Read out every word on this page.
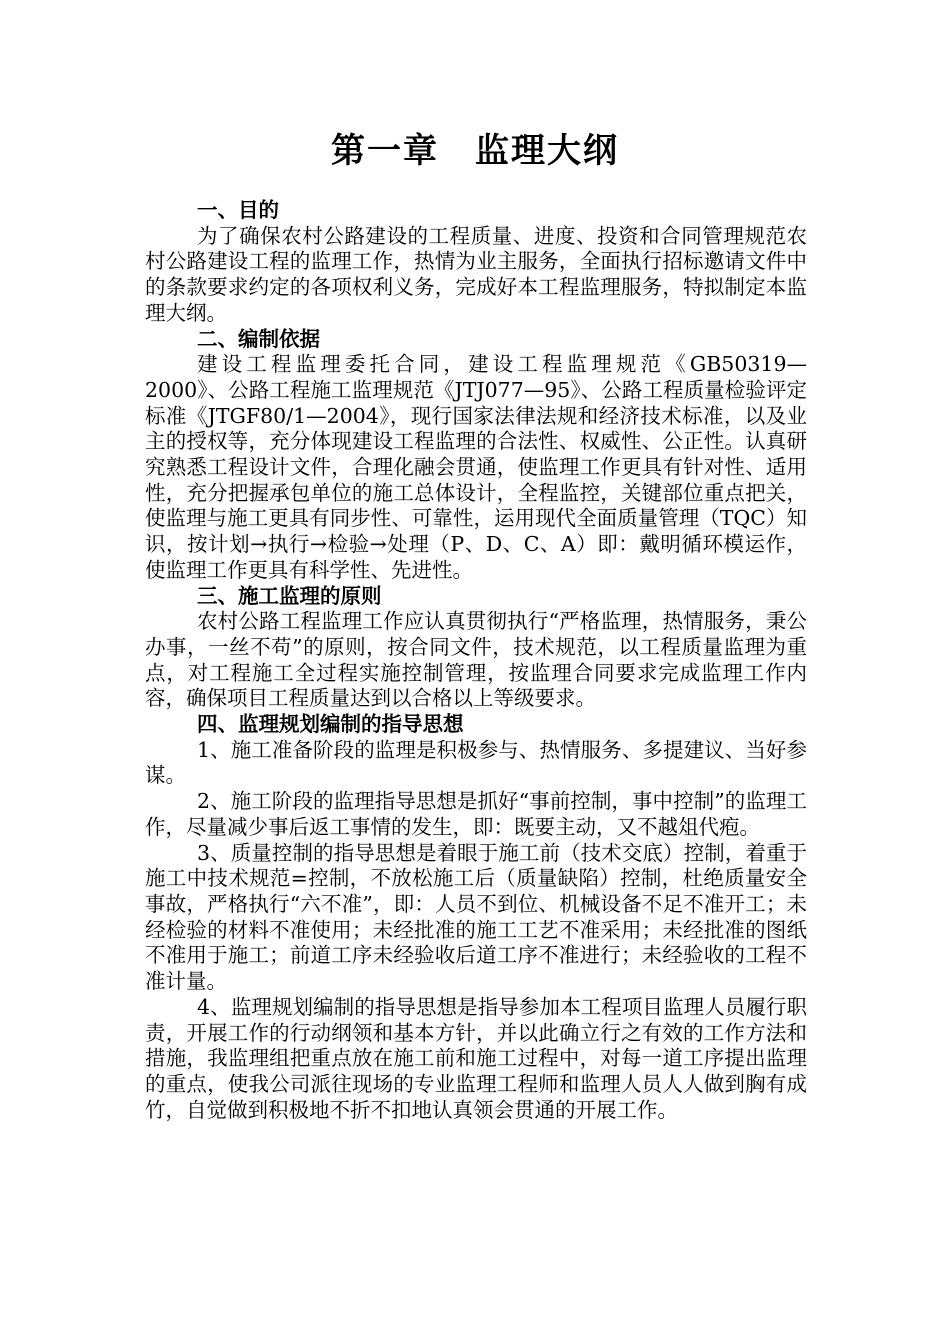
第一章　监理大纲

一、目的

为了确保农村公路建设的工程质量、进度、投资和合同管理规范农村公路建设工程的监理工作，热情为业主服务，全面执行招标邀请文件中的条款要求约定的各项权利义务，完成好本工程监理服务，特拟制定本监理大纲。

二、编制依据

建设工程监理委托合同，建设工程监理规范《GB50319—2000》、公路工程施工监理规范《JTJ077—95》、公路工程质量检验评定标准《JTGF80/1—2004》，现行国家法律法规和经济技术标准，以及业主的授权等，充分体现建设工程监理的合法性、权威性、公正性。认真研究熟悉工程设计文件，合理化融会贯通，使监理工作更具有针对性、适用性，充分把握承包单位的施工总体设计，全程监控，关键部位重点把关，使监理与施工更具有同步性、可靠性，运用现代全面质量管理（TQC）知识，按计划→执行→检验→处理（P、D、C、A）即：戴明循环模运作，使监理工作更具有科学性、先进性。

三、施工监理的原则

农村公路工程监理工作应认真贯彻执行“严格监理，热情服务，秉公办事，一丝不苟”的原则，按合同文件，技术规范，以工程质量监理为重点，对工程施工全过程实施控制管理，按监理合同要求完成监理工作内容，确保项目工程质量达到以合格以上等级要求。

四、监理规划编制的指导思想

1、施工准备阶段的监理是积极参与、热情服务、多提建议、当好参谋。

2、施工阶段的监理指导思想是抓好“事前控制，事中控制”的监理工作，尽量减少事后返工事情的发生，即：既要主动，又不越俎代疱。

3、质量控制的指导思想是着眼于施工前（技术交底）控制，着重于施工中技术规范=控制，不放松施工后（质量缺陷）控制，杜绝质量安全事故，严格执行“六不准”，即：人员不到位、机械设备不足不准开工；未经检验的材料不准使用；未经批准的施工工艺不准采用；未经批准的图纸不准用于施工；前道工序未经验收后道工序不准进行；未经验收的工程不准计量。

4、监理规划编制的指导思想是指导参加本工程项目监理人员履行职责，开展工作的行动纲领和基本方针，并以此确立行之有效的工作方法和措施，我监理组把重点放在施工前和施工过程中，对每一道工序提出监理的重点，使我公司派往现场的专业监理工程师和监理人员人人做到胸有成竹，自觉做到积极地不折不扣地认真领会贯通的开展工作。
